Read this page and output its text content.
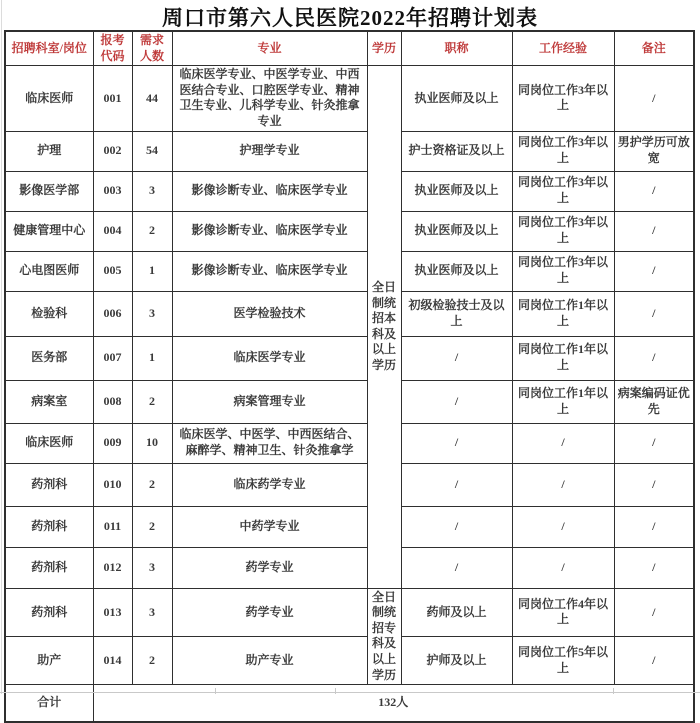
周口市第六人民医院2022年招聘计划表
招聘科室/岗位	报考代码	需求人数	专业	学历	职称	工作经验	备注
临床医师	001	44	临床医学专业、中医学专业、中西医结合专业、口腔医学专业、精神卫生专业、儿科学专业、针灸推拿专业	全日制统招本科及以上学历	执业医师及以上	同岗位工作3年以上	/
护理	002	54	护理学专业		护士资格证及以上	同岗位工作3年以上	男护学历可放宽
影像医学部	003	3	影像诊断专业、临床医学专业		执业医师及以上	同岗位工作3年以上	/
健康管理中心	004	2	影像诊断专业、临床医学专业		执业医师及以上	同岗位工作3年以上	/
心电图医师	005	1	影像诊断专业、临床医学专业		执业医师及以上	同岗位工作3年以上	/
检验科	006	3	医学检验技术		初级检验技士及以上	同岗位工作1年以上	/
医务部	007	1	临床医学专业		/	同岗位工作1年以上	/
病案室	008	2	病案管理专业		/	同岗位工作1年以上	病案编码证优先
临床医师	009	10	临床医学、中医学、中西医结合、麻醉学、精神卫生、针灸推拿学		/	/	/
药剂科	010	2	临床药学专业		/	/	/
药剂科	011	2	中药学专业		/	/	/
药剂科	012	3	药学专业		/	/	/
药剂科	013	3	药学专业	全日制统招专科及以上学历	药师及以上	同岗位工作4年以上	/
助产	014	2	助产专业		护师及以上	同岗位工作5年以上	/
合计	132人						
